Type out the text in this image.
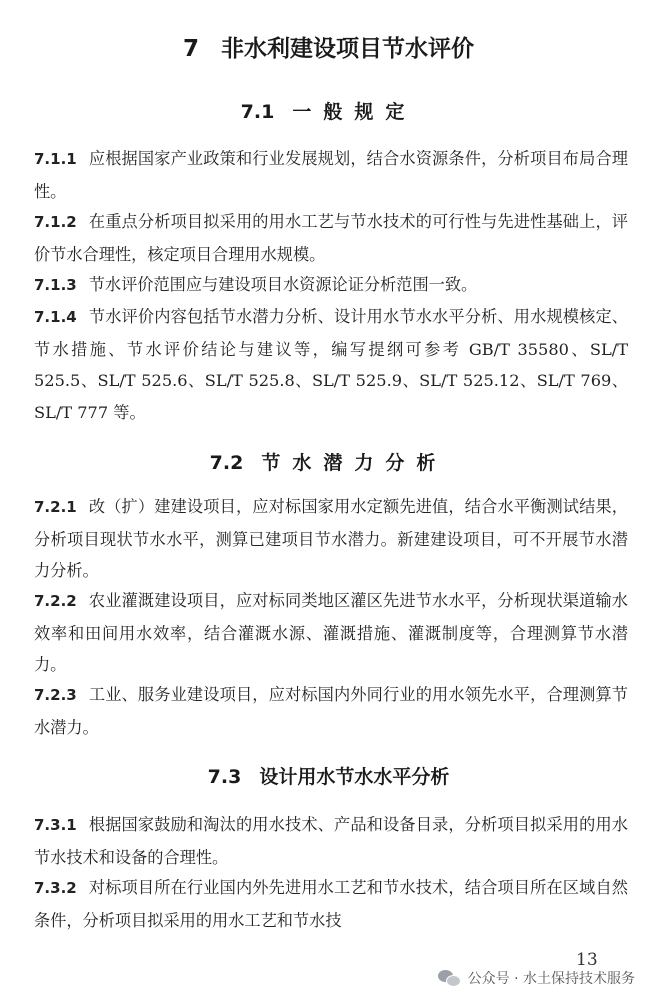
7 非水利建设项目节水评价
7.1 一般规定
7.1.1 应根据国家产业政策和行业发展规划，结合水资源条件，分析项目布局合理性。
7.1.2 在重点分析项目拟采用的用水工艺与节水技术的可行性与先进性基础上，评价节水合理性，核定项目合理用水规模。
7.1.3 节水评价范围应与建设项目水资源论证分析范围一致。
7.1.4 节水评价内容包括节水潜力分析、设计用水节水水平分析、用水规模核定、节水措施、节水评价结论与建议等，编写提纲可参考 GB/T 35580、SL/T 525.5、SL/T 525.6、SL/T 525.8、SL/T 525.9、SL/T 525.12、SL/T 769、SL/T 777 等。
7.2 节水潜力分析
7.2.1 改（扩）建建设项目，应对标国家用水定额先进值，结合水平衡测试结果，分析项目现状节水水平，测算已建项目节水潜力。新建建设项目，可不开展节水潜力分析。
7.2.2 农业灌溉建设项目，应对标同类地区灌区先进节水水平，分析现状渠道输水效率和田间用水效率，结合灌溉水源、灌溉措施、灌溉制度等，合理测算节水潜力。
7.2.3 工业、服务业建设项目，应对标国内外同行业的用水领先水平，合理测算节水潜力。
7.3 设计用水节水水平分析
7.3.1 根据国家鼓励和淘汰的用水技术、产品和设备目录，分析项目拟采用的用水节水技术和设备的合理性。
7.3.2 对标项目所在行业国内外先进用水工艺和节水技术，结合项目所在区域自然条件，分析项目拟采用的用水工艺和节水技
13
公众号 · 水土保持技术服务
